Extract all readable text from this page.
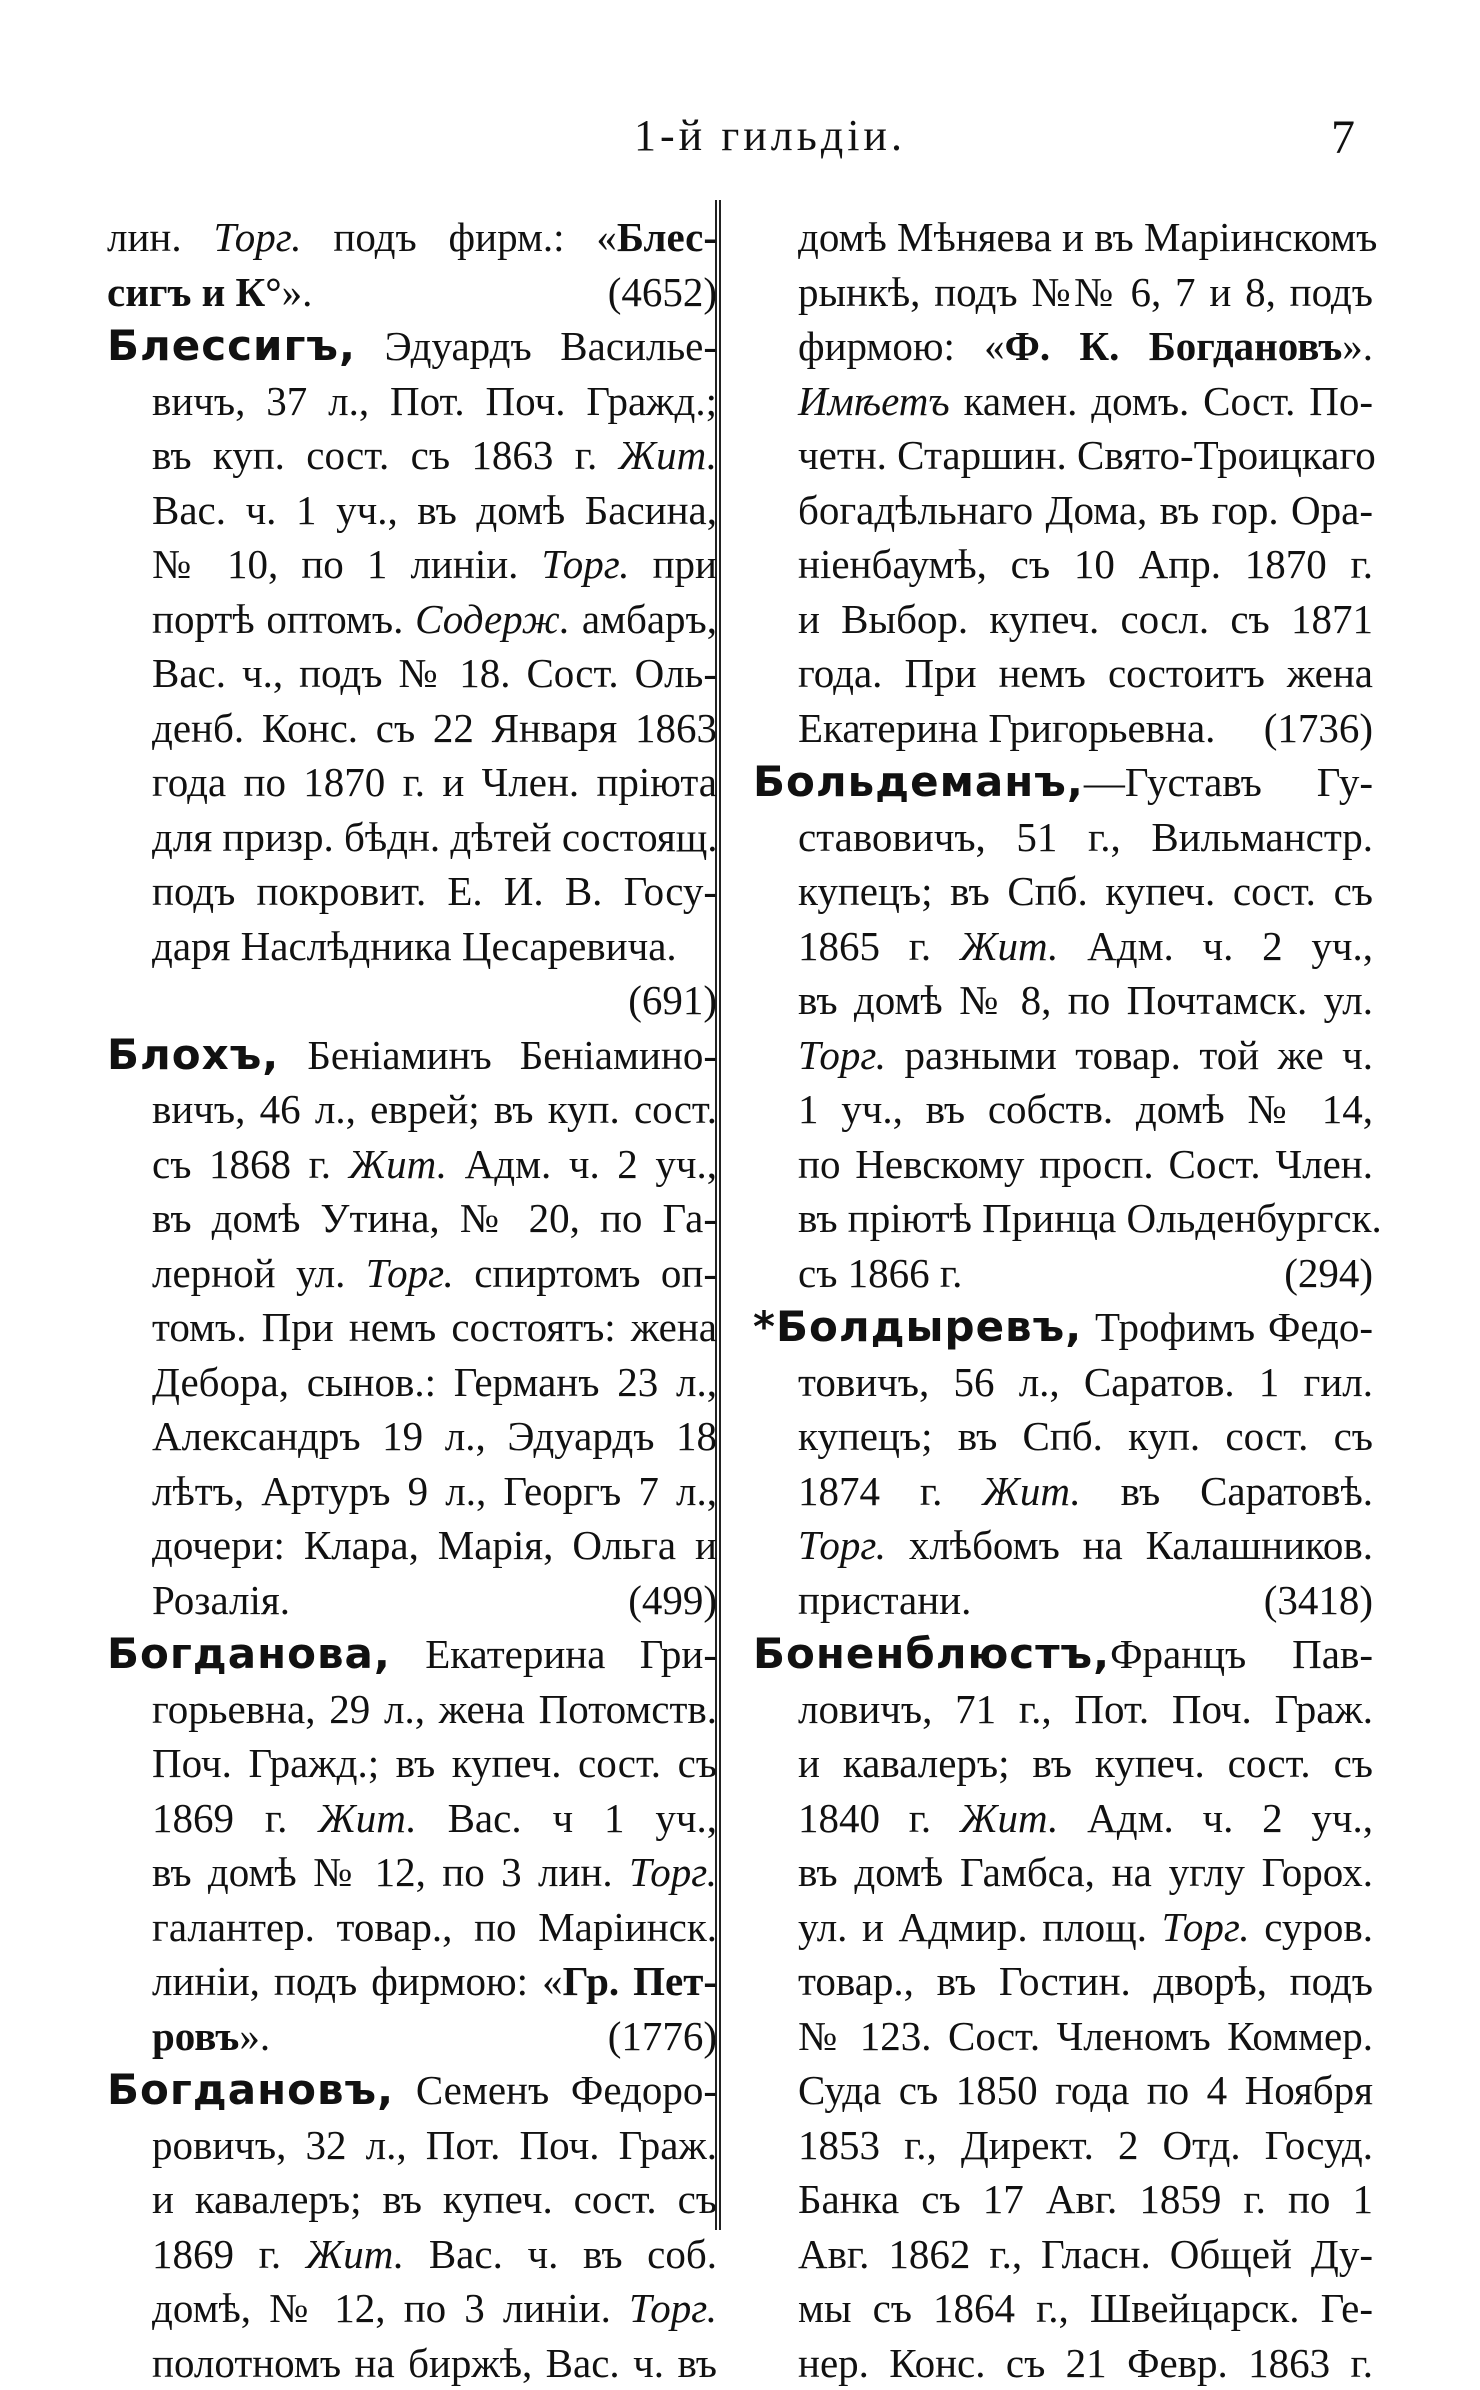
1-й гильдіи.	7
лин. Торг. подъ фирм.: «Блес-
сигъ и К°».	(4652)
Блессигъ, Эдуардъ Василье-
вичъ, 37 л., Пот. Поч. Гражд.;
въ куп. сост. съ 1863 г. Жит.
Вас. ч. 1 уч., въ домѣ Басина,
№ 10, по 1 линіи. Торг. при
портѣ оптомъ. Содерж. амбаръ,
Вас. ч., подъ № 18. Сост. Оль-
денб. Конс. съ 22 Января 1863
года по 1870 г. и Член. пріюта
для призр. бѣдн. дѣтей состоящ.
подъ покровит. Е. И. В. Госу-
даря Наслѣдника Цесаревича.
(691)
Блохъ, Беніаминъ Беніамино-
вичъ, 46 л., еврей; въ куп. сост.
съ 1868 г. Жит. Адм. ч. 2 уч.,
въ домѣ Утина, № 20, по Га-
лерной ул. Торг. спиртомъ оп-
томъ. При немъ состоятъ: жена
Дебора, сынов.: Германъ 23 л.,
Александръ 19 л., Эдуардъ 18
лѣтъ, Артуръ 9 л., Георгъ 7 л.,
дочери: Клара, Марія, Ольга и
Розалія.	(499)
Богданова, Екатерина Гри-
горьевна, 29 л., жена Потомств.
Поч. Гражд.; въ купеч. сост. съ
1869 г. Жит. Вас. ч 1 уч.,
въ домѣ № 12, по 3 лин. Торг.
галантер. товар., по Маріинск.
линіи, подъ фирмою: «Гр. Пет-
ровъ».	(1776)
Богдановъ, Семенъ Федоро-
ровичъ, 32 л., Пот. Поч. Граж.
и кавалеръ; въ купеч. сост. съ
1869 г. Жит. Вас. ч. въ соб.
домѣ, № 12, по 3 линіи. Торг.
полотномъ на биржѣ, Вас. ч. въ
домѣ Мѣняева и въ Маріинскомъ
рынкѣ, подъ №№ 6, 7 и 8, подъ
фирмою: «Ф. К. Богдановъ».
Имѣетъ камен. домъ. Сост. По-
четн. Старшин. Свято-Троицкаго
богадѣльнаго Дома, въ гор. Ора-
ніенбаумѣ, съ 10 Апр. 1870 г.
и Выбор. купеч. сосл. съ 1871
года. При немъ состоитъ жена
Екатерина Григорьевна. (1736)
Больдеманъ,—Густавъ Гу-
ставовичъ, 51 г., Вильманстр.
купецъ; въ Спб. купеч. сост. съ
1865 г. Жит. Адм. ч. 2 уч.,
въ домѣ № 8, по Почтамск. ул.
Торг. разными товар. той же ч.
1 уч., въ собств. домѣ № 14,
по Невскому просп. Сост. Член.
въ пріютѣ Принца Ольденбургск.
съ 1866 г.	(294)
*Болдыревъ, Трофимъ Федо-
товичъ, 56 л., Саратов. 1 гил.
купецъ; въ Спб. куп. сост. съ
1874 г. Жит. въ Саратовѣ.
Торг. хлѣбомъ на Калашников.
пристани.	(3418)
Боненблюстъ,Францъ Пав-
ловичъ, 71 г., Пот. Поч. Граж.
и кавалеръ; въ купеч. сост. съ
1840 г. Жит. Адм. ч. 2 уч.,
въ домѣ Гамбса, на углу Горох.
ул. и Адмир. площ. Торг. суров.
товар., въ Гостин. дворѣ, подъ
№ 123. Сост. Членомъ Коммер.
Суда съ 1850 года по 4 Ноября
1853 г., Директ. 2 Отд. Госуд.
Банка съ 17 Авг. 1859 г. по 1
Авг. 1862 г., Гласн. Общей Ду-
мы съ 1864 г., Швейцарск. Ге-
нер. Конс. съ 21 Февр. 1863 г.
